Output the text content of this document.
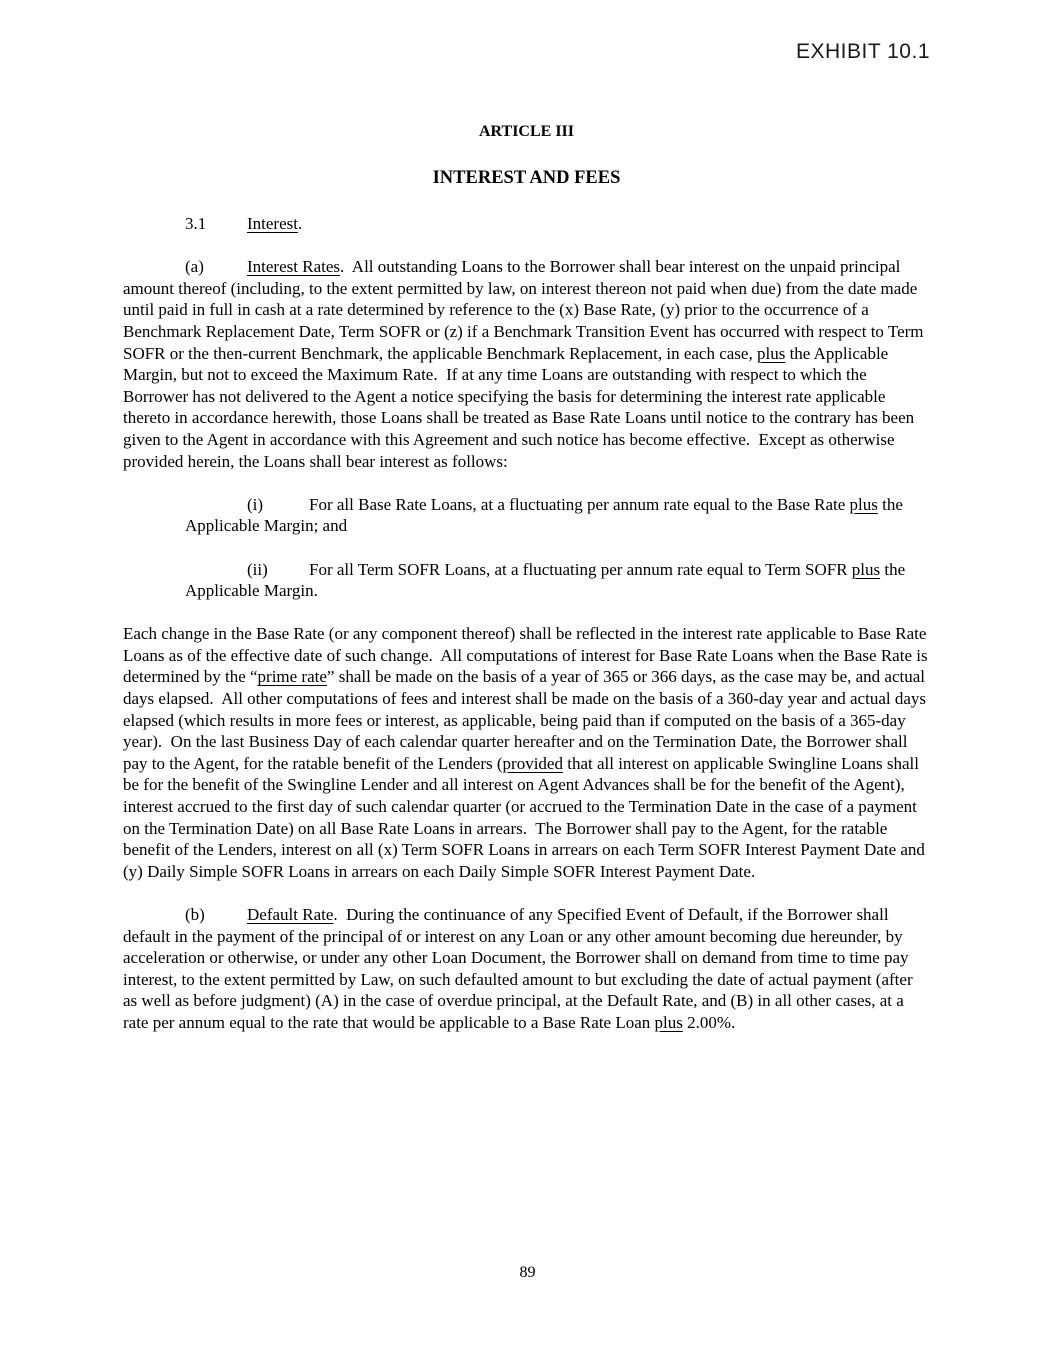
EXHIBIT 10.1
ARTICLE III
INTEREST AND FEES

3.1 Interest.

(a)	Interest Rates.  All outstanding Loans to the Borrower shall bear interest on the unpaid principal amount thereof (including, to the extent permitted by law, on interest thereon not paid when due) from the date made until paid in full in cash at a rate determined by reference to the (x) Base Rate, (y) prior to the occurrence of a Benchmark Replacement Date, Term SOFR or (z) if a Benchmark Transition Event has occurred with respect to Term SOFR or the then-current Benchmark, the applicable Benchmark Replacement, in each case, plus the Applicable Margin, but not to exceed the Maximum Rate.  If at any time Loans are outstanding with respect to which the Borrower has not delivered to the Agent a notice specifying the basis for determining the interest rate applicable thereto in accordance herewith, those Loans shall be treated as Base Rate Loans until notice to the contrary has been given to the Agent in accordance with this Agreement and such notice has become effective.  Except as otherwise provided herein, the Loans shall bear interest as follows:

(i)	For all Base Rate Loans, at a fluctuating per annum rate equal to the Base Rate plus the Applicable Margin; and

(ii) For all Term SOFR Loans, at a fluctuating per annum rate equal to Term SOFR plus the Applicable Margin.

Each change in the Base Rate (or any component thereof) shall be reflected in the interest rate applicable to Base Rate Loans as of the effective date of such change.  All computations of interest for Base Rate Loans when the Base Rate is determined by the “prime rate” shall be made on the basis of a year of 365 or 366 days, as the case may be, and actual days elapsed.  All other computations of fees and interest shall be made on the basis of a 360-day year and actual days elapsed (which results in more fees or interest, as applicable, being paid than if computed on the basis of a 365-day year).  On the last Business Day of each calendar quarter hereafter and on the Termination Date, the Borrower shall pay to the Agent, for the ratable benefit of the Lenders (provided that all interest on applicable Swingline Loans shall be for the benefit of the Swingline Lender and all interest on Agent Advances shall be for the benefit of the Agent), interest accrued to the first day of such calendar quarter (or accrued to the Termination Date in the case of a payment on the Termination Date) on all Base Rate Loans in arrears.  The Borrower shall pay to the Agent, for the ratable benefit of the Lenders, interest on all (x) Term SOFR Loans in arrears on each Term SOFR Interest Payment Date and (y) Daily Simple SOFR Loans in arrears on each Daily Simple SOFR Interest Payment Date.

(b) Default Rate.  During the continuance of any Specified Event of Default, if the Borrower shall default in the payment of the principal of or interest on any Loan or any other amount becoming due hereunder, by acceleration or otherwise, or under any other Loan Document, the Borrower shall on demand from time to time pay interest, to the extent permitted by Law, on such defaulted amount to but excluding the date of actual payment (after as well as before judgment) (A) in the case of overdue principal, at the Default Rate, and (B) in all other cases, at a rate per annum equal to the rate that would be applicable to a Base Rate Loan plus 2.00%.

89
